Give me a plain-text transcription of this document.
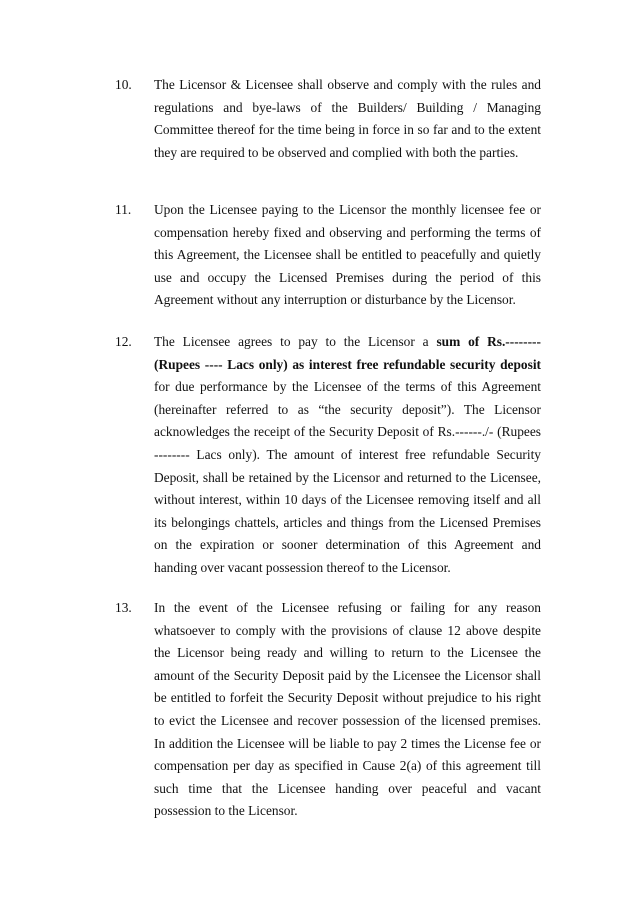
10. The Licensor & Licensee shall observe and comply with the rules and regulations and bye-laws of the Builders/ Building / Managing Committee thereof for the time being in force in so far and to the extent they are required to be observed and complied with both the parties.

11. Upon the Licensee paying to the Licensor the monthly licensee fee or compensation hereby fixed and observing and performing the terms of this Agreement, the Licensee shall be entitled to peacefully and quietly use and occupy the Licensed Premises during the period of this Agreement without any interruption or disturbance by the Licensor.

12. The Licensee agrees to pay to the Licensor a sum of Rs.-------- (Rupees ---- Lacs only) as interest free refundable security deposit for due performance by the Licensee of the terms of this Agreement (hereinafter referred to as “the security deposit”). The Licensor acknowledges the receipt of the Security Deposit of Rs.------./- (Rupees -------- Lacs only). The amount of interest free refundable Security Deposit, shall be retained by the Licensor and returned to the Licensee, without interest, within 10 days of the Licensee removing itself and all its belongings chattels, articles and things from the Licensed Premises on the expiration or sooner determination of this Agreement and handing over vacant possession thereof to the Licensor.

13. In the event of the Licensee refusing or failing for any reason whatsoever to comply with the provisions of clause 12 above despite the Licensor being ready and willing to return to the Licensee the amount of the Security Deposit paid by the Licensee the Licensor shall be entitled to forfeit the Security Deposit without prejudice to his right to evict the Licensee and recover possession of the licensed premises. In addition the Licensee will be liable to pay 2 times the License fee or compensation per day as specified in Cause 2(a) of this agreement till such time that the Licensee handing over peaceful and vacant possession to the Licensor.
